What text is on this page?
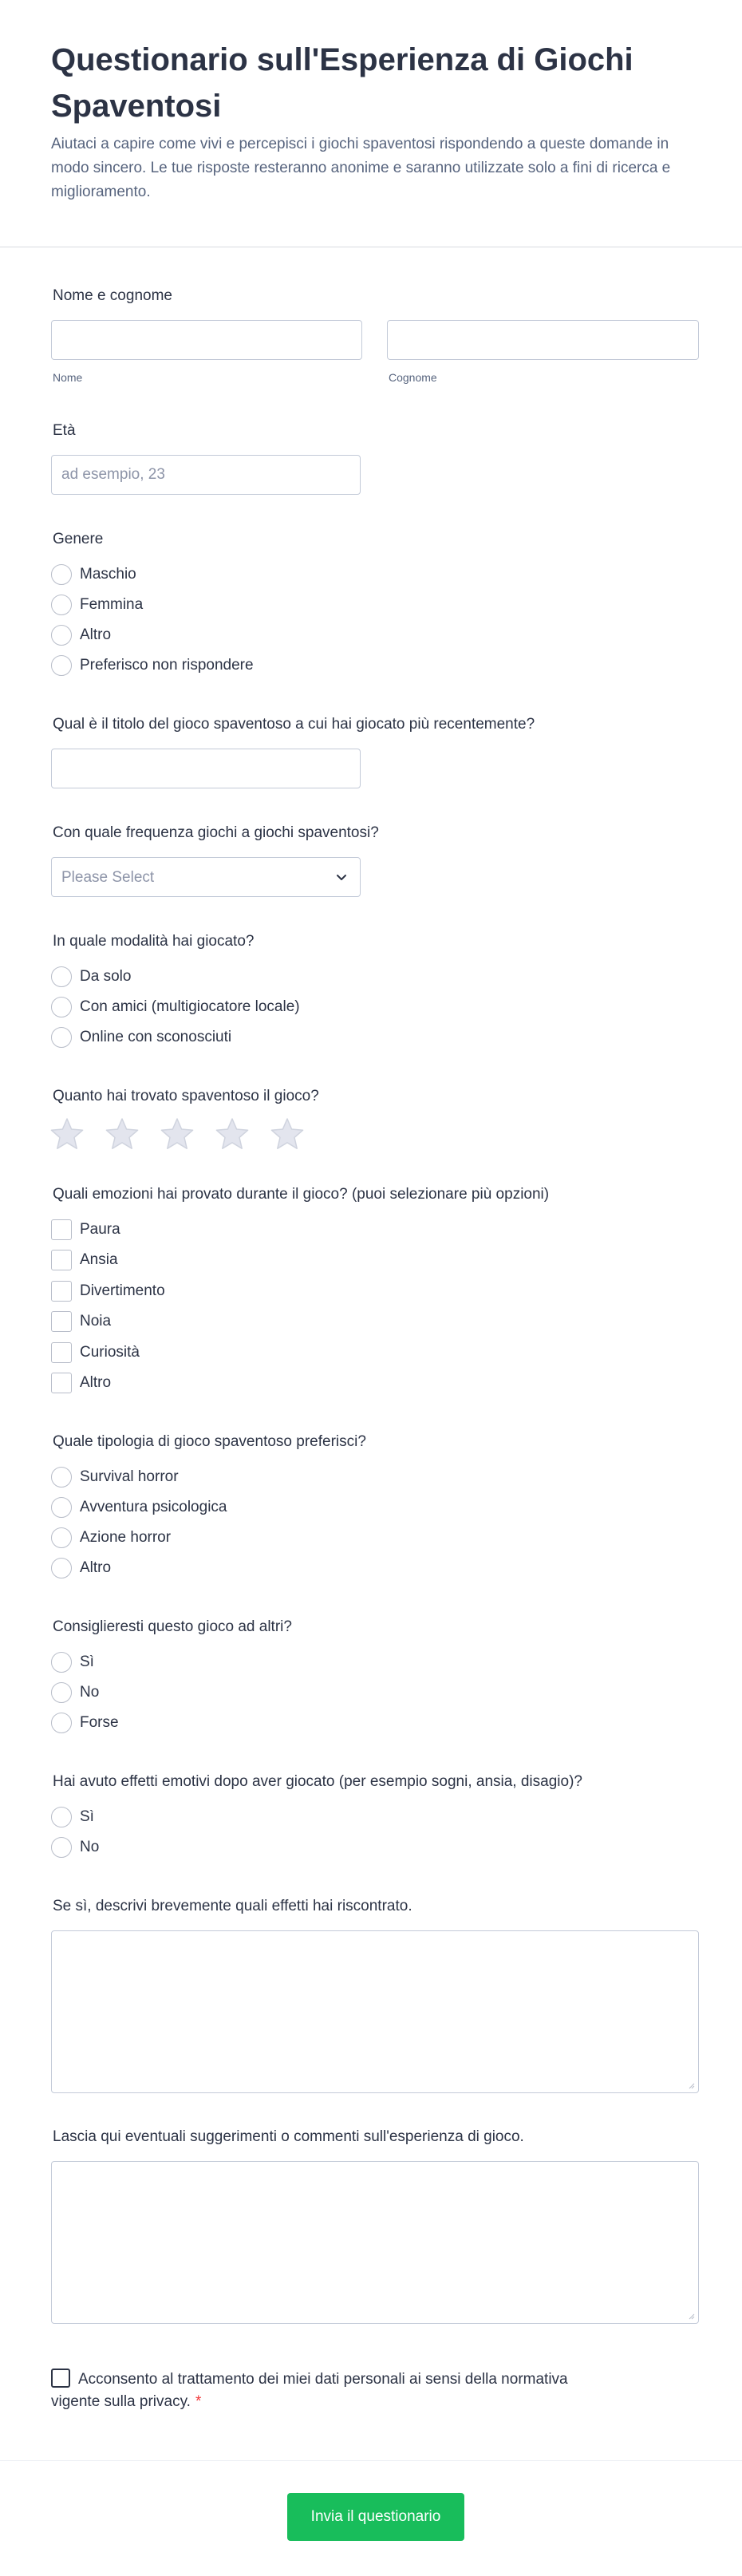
Questionario sull'Esperienza di Giochi Spaventosi

Aiutaci a capire come vivi e percepisci i giochi spaventosi rispondendo a queste domande in modo sincero. Le tue risposte resteranno anonime e saranno utilizzate solo a fini di ricerca e miglioramento.

Nome e cognome
Nome	Cognome
Età
ad esempio, 23
Genere
Maschio
Femmina
Altro
Preferisco non rispondere
Qual è il titolo del gioco spaventoso a cui hai giocato più recentemente?
Con quale frequenza giochi a giochi spaventosi?
Please Select
In quale modalità hai giocato?
Da solo
Con amici (multigiocatore locale)
Online con sconosciuti
Quanto hai trovato spaventoso il gioco?
Quali emozioni hai provato durante il gioco? (puoi selezionare più opzioni)
Paura
Ansia
Divertimento
Noia
Curiosità
Altro
Quale tipologia di gioco spaventoso preferisci?
Survival horror
Avventura psicologica
Azione horror
Altro
Consiglieresti questo gioco ad altri?
Sì
No
Forse
Hai avuto effetti emotivi dopo aver giocato (per esempio sogni, ansia, disagio)?
Sì
No
Se sì, descrivi brevemente quali effetti hai riscontrato.
Lascia qui eventuali suggerimenti o commenti sull'esperienza di gioco.
Acconsento al trattamento dei miei dati personali ai sensi della normativa vigente sulla privacy. *
Invia il questionario
